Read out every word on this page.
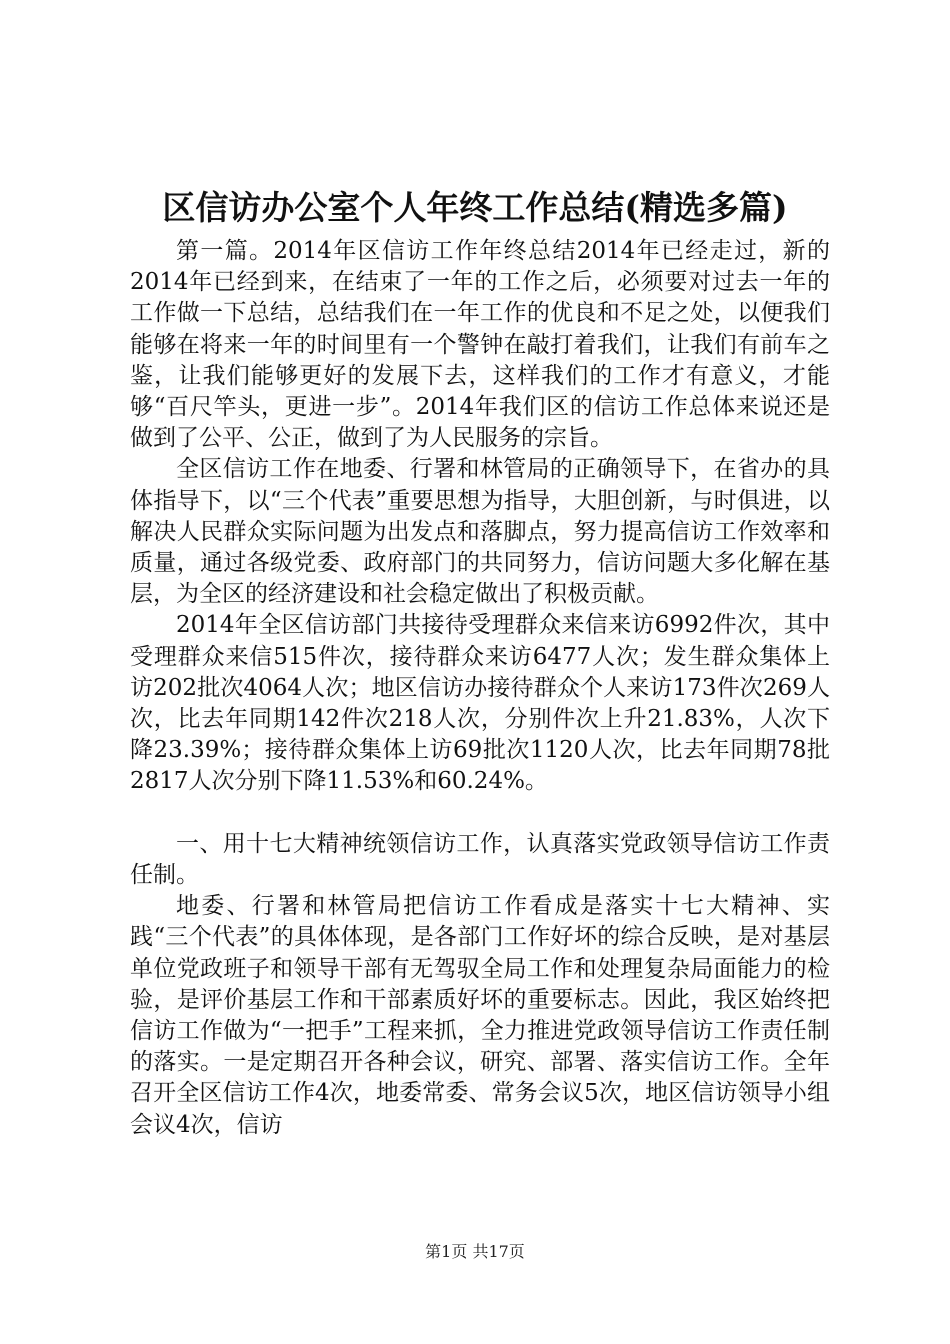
区信访办公室个人年终工作总结(精选多篇)

第一篇。2014年区信访工作年终总结2014年已经走过，新的2014年已经到来，在结束了一年的工作之后，必须要对过去一年的工作做一下总结，总结我们在一年工作的优良和不足之处，以便我们能够在将来一年的时间里有一个警钟在敲打着我们，让我们有前车之鉴，让我们能够更好的发展下去，这样我们的工作才有意义，才能够“百尺竿头，更进一步”。2014年我们区的信访工作总体来说还是做到了公平、公正，做到了为人民服务的宗旨。

全区信访工作在地委、行署和林管局的正确领导下，在省办的具体指导下，以“三个代表”重要思想为指导，大胆创新，与时俱进，以解决人民群众实际问题为出发点和落脚点，努力提高信访工作效率和质量，通过各级党委、政府部门的共同努力，信访问题大多化解在基层，为全区的经济建设和社会稳定做出了积极贡献。

2014年全区信访部门共接待受理群众来信来访6992件次，其中受理群众来信515件次，接待群众来访6477人次；发生群众集体上访202批次4064人次；地区信访办接待群众个人来访173件次269人次，比去年同期142件次218人次，分别件次上升21.83%，人次下降23.39%；接待群众集体上访69批次1120人次，比去年同期78批2817人次分别下降11.53%和60.24%。

一、用十七大精神统领信访工作，认真落实党政领导信访工作责任制。

地委、行署和林管局把信访工作看成是落实十七大精神、实践“三个代表”的具体体现，是各部门工作好坏的综合反映，是对基层单位党政班子和领导干部有无驾驭全局工作和处理复杂局面能力的检验，是评价基层工作和干部素质好坏的重要标志。因此，我区始终把信访工作做为“一把手”工程来抓，全力推进党政领导信访工作责任制的落实。一是定期召开各种会议，研究、部署、落实信访工作。全年召开全区信访工作4次，地委常委、常务会议5次，地区信访领导小组会议4次，信访

第1页 共17页
